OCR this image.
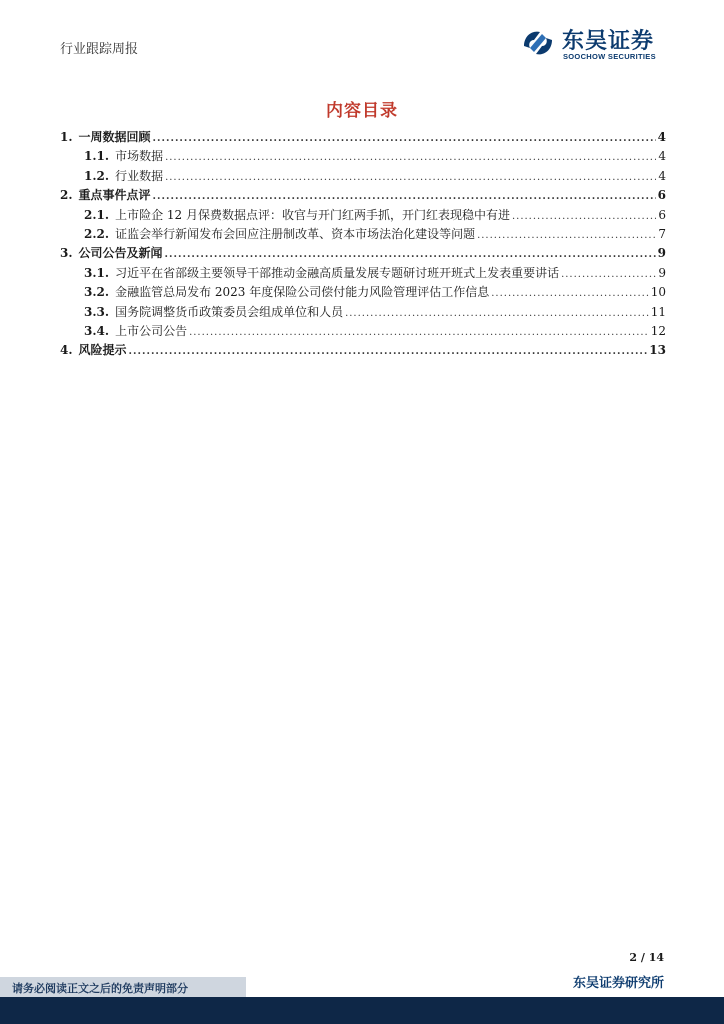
行业跟踪周报	东吴证券
SOOCHOW SECURITIES
内容目录
1. 一周数据回顾 .....	4
1.1. 市场数据 .....	4
1.2. 行业数据 .....	4
2. 重点事件点评 .....	6
2.1. 上市险企 12 月保费数据点评：收官与开门红两手抓，开门红表现稳中有进 .....	6
2.2. 证监会举行新闻发布会回应注册制改革、资本市场法治化建设等问题 .....	7
3. 公司公告及新闻 .....	9
3.1. 习近平在省部级主要领导干部推动金融高质量发展专题研讨班开班式上发表重要讲话 .....	9
3.2. 金融监管总局发布 2023 年度保险公司偿付能力风险管理评估工作信息 .....	10
3.3. 国务院调整货币政策委员会组成单位和人员 .....	11
3.4. 上市公司公告 .....	12
4. 风险提示 .....	13
2 / 14
东吴证券研究所
请务必阅读正文之后的免责声明部分
